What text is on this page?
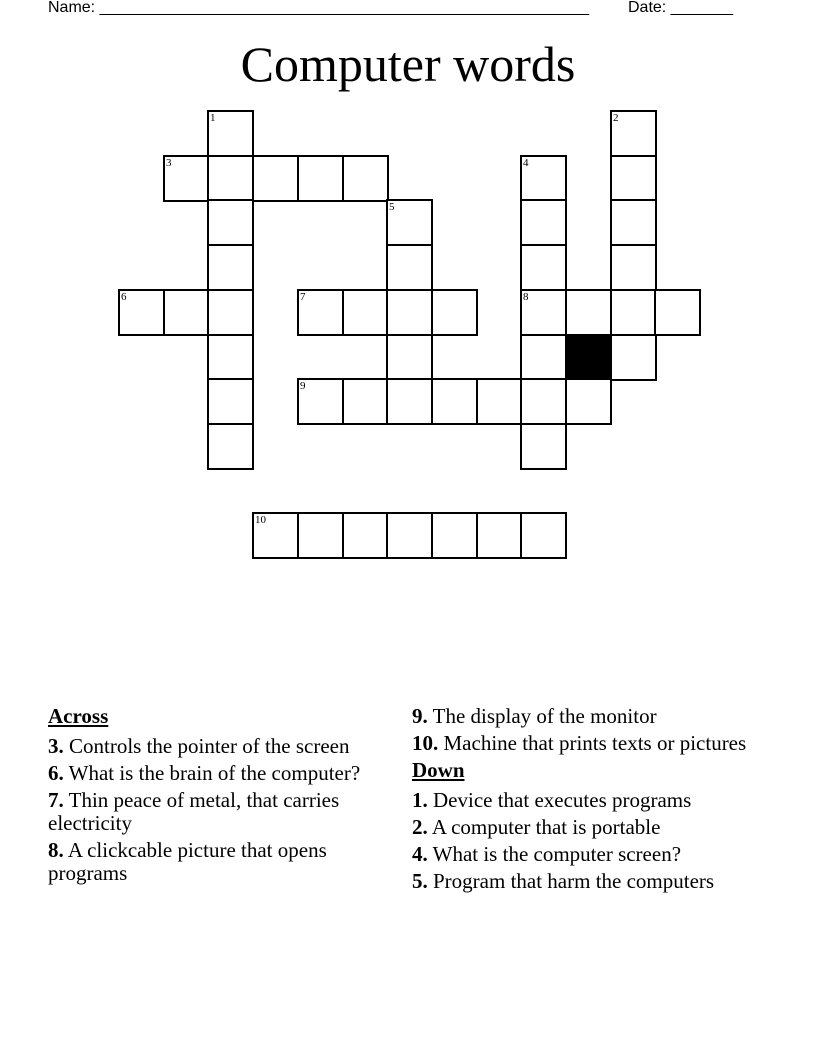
Name: _______________________________________________________ Date: _______
Computer words
1	2
3	4
5
6	7	8
9
10
Across
3. Controls the pointer of the screen
6. What is the brain of the computer?
7. Thin peace of metal, that carries electricity
8. A clickcable picture that opens programs
9. The display of the monitor
10. Machine that prints texts or pictures
Down
1. Device that executes programs
2. A computer that is portable
4. What is the computer screen?
5. Program that harm the computers
